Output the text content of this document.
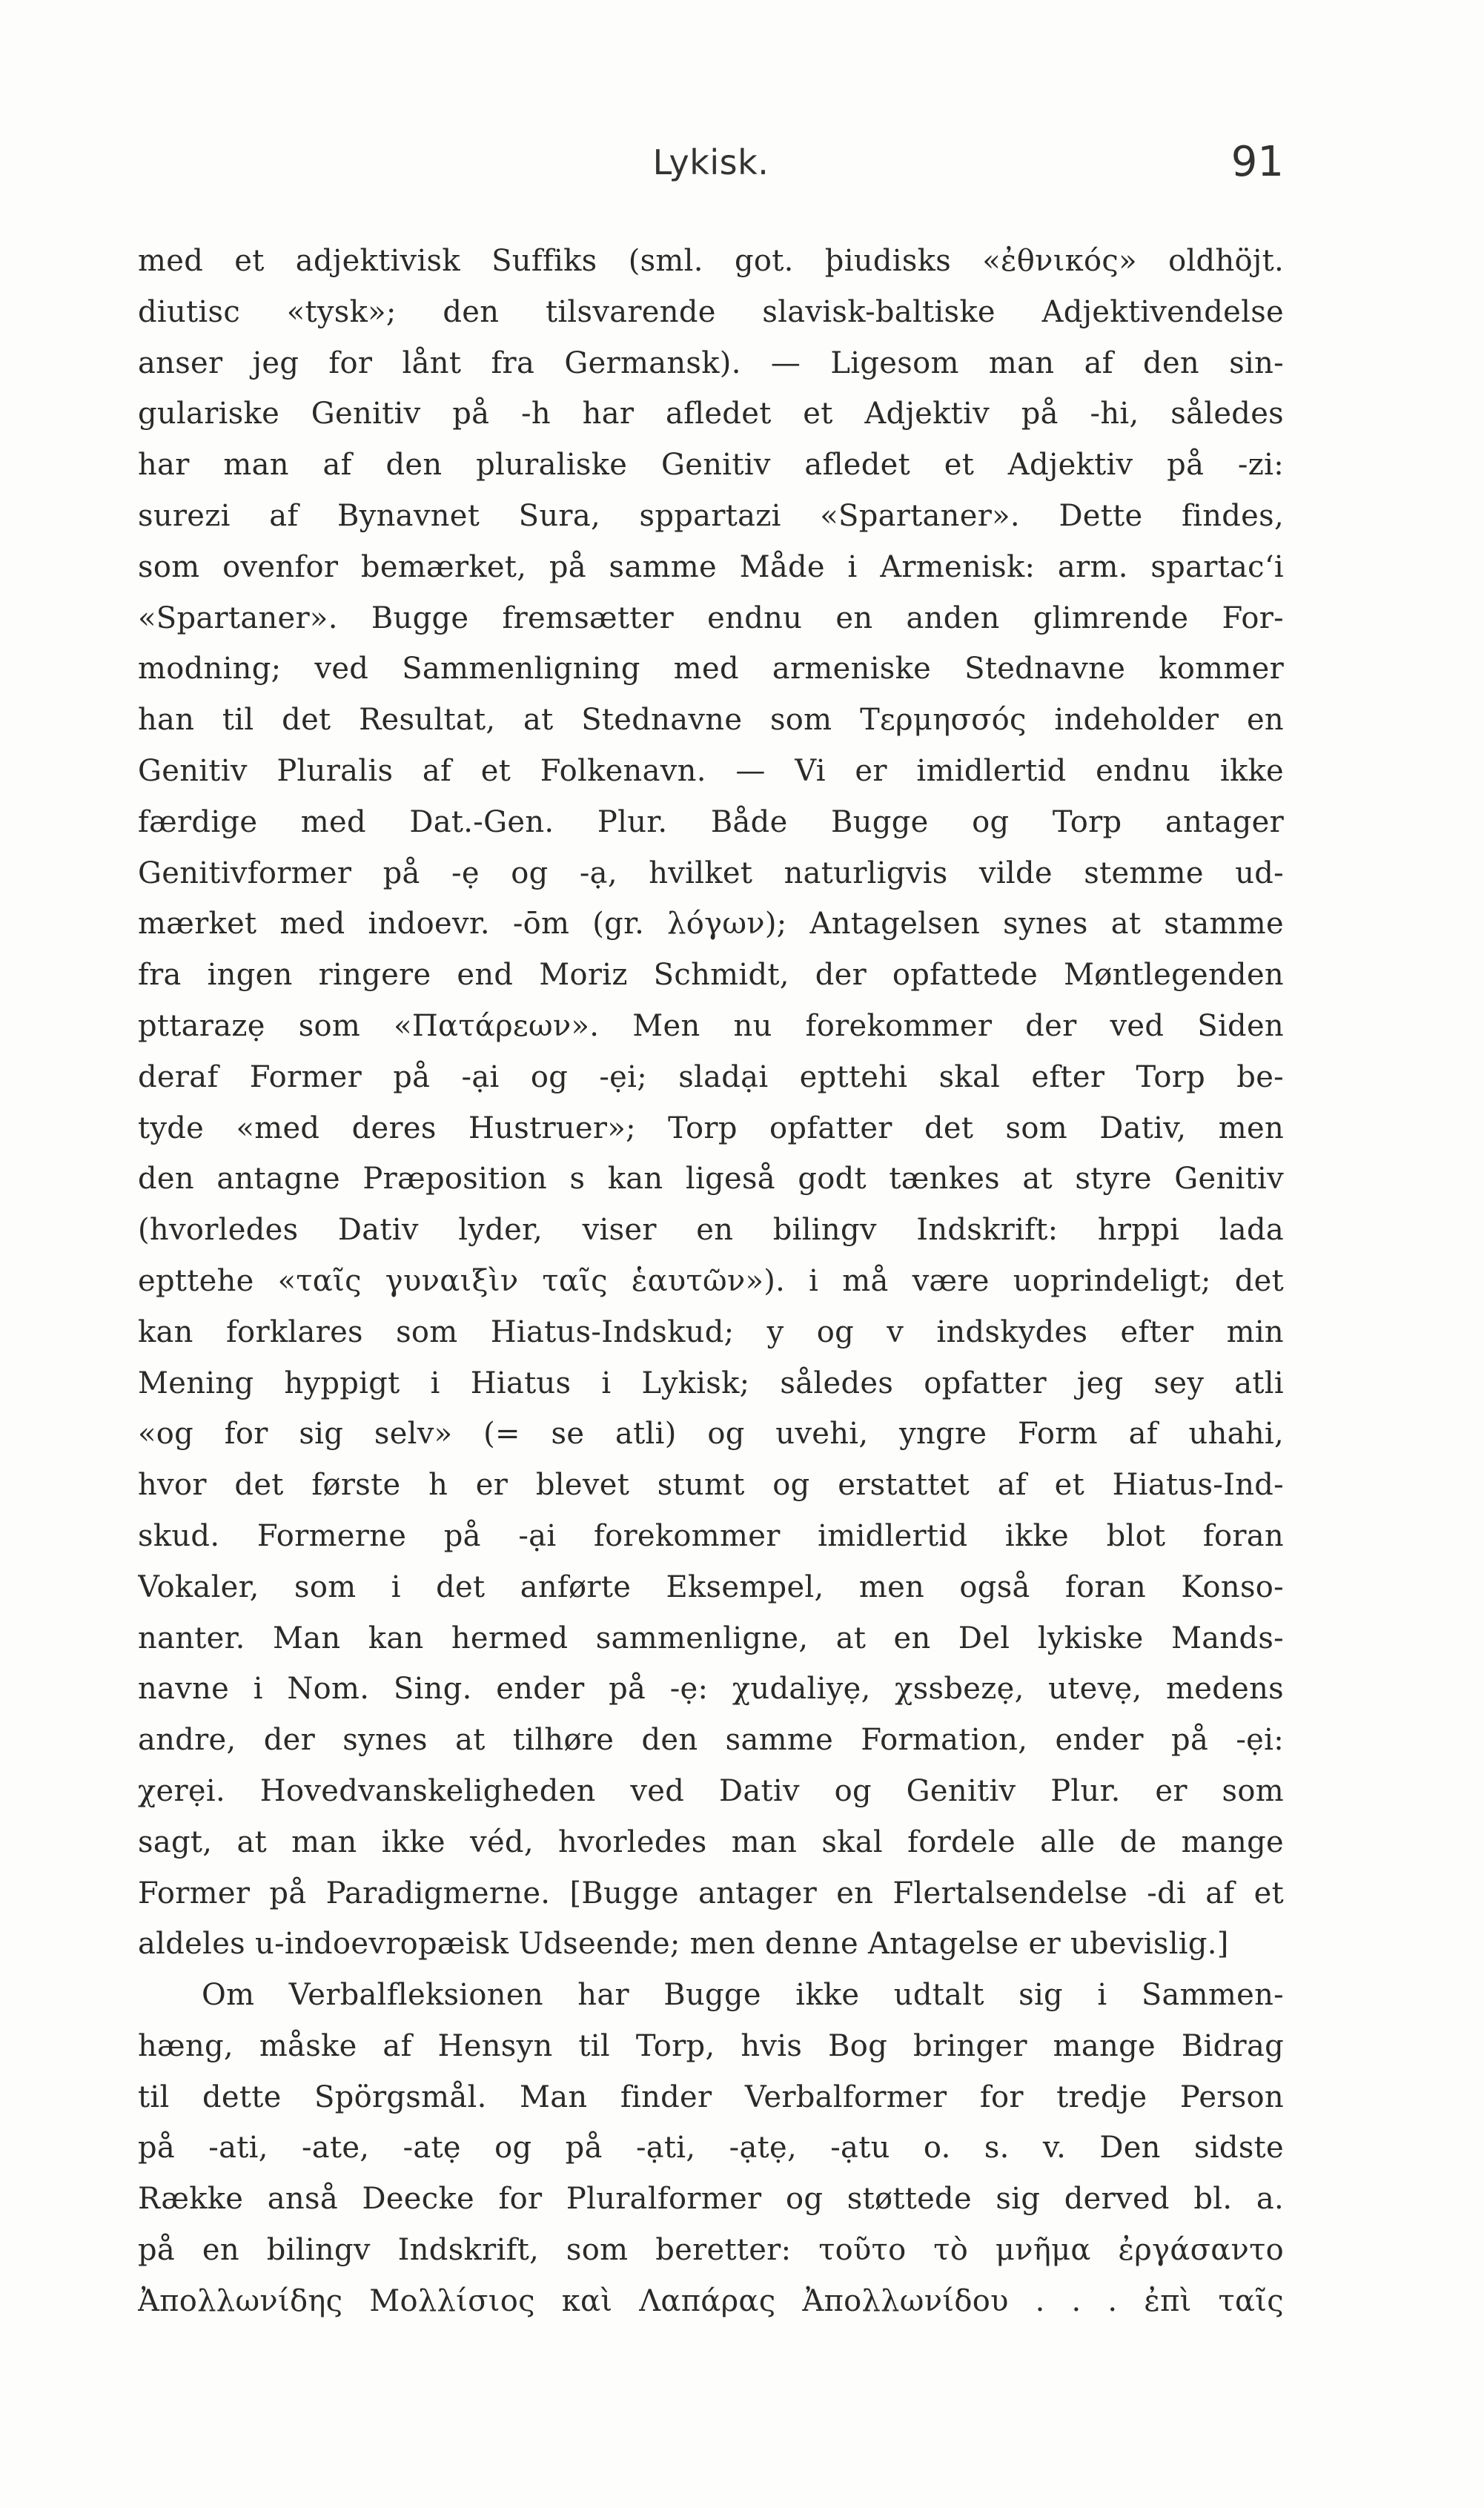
Lykisk.	91
med et adjektivisk Suffiks (sml. got. þiudisks «ἐθνικός» oldhöjt.
diutisc «tysk»; den tilsvarende slavisk-baltiske Adjektivendelse
anser jeg for lånt fra Germansk). — Ligesom man af den sin-
gulariske Genitiv på -h har afledet et Adjektiv på -hi, således
har man af den pluraliske Genitiv afledet et Adjektiv på -zi:
surezi af Bynavnet Sura, sppartazi «Spartaner». Dette findes,
som ovenfor bemærket, på samme Måde i Armenisk: arm. spartacʻi
«Spartaner». Bugge fremsætter endnu en anden glimrende For-
modning; ved Sammenligning med armeniske Stednavne kommer
han til det Resultat, at Stednavne som Τερμησσός indeholder en
Genitiv Pluralis af et Folkenavn. — Vi er imidlertid endnu ikke
færdige med Dat.-Gen. Plur. Både Bugge og Torp antager
Genitivformer på -ẹ og -ạ, hvilket naturligvis vilde stemme ud-
mærket med indoevr. -ōm (gr. λόγων); Antagelsen synes at stamme
fra ingen ringere end Moriz Schmidt, der opfattede Møntlegenden
pttarazẹ som «Πατάρεων». Men nu forekommer der ved Siden
deraf Former på -ại og -ẹi; sladại epttehi skal efter Torp be-
tyde «med deres Hustruer»; Torp opfatter det som Dativ, men
den antagne Præposition s kan ligeså godt tænkes at styre Genitiv
(hvorledes Dativ lyder, viser en bilingv Indskrift: hrppi lada
epttehe «ταῖς γυναιξὶν ταῖς ἑαυτῶν»). i må være uoprindeligt; det
kan forklares som Hiatus-Indskud; y og v indskydes efter min
Mening hyppigt i Hiatus i Lykisk; således opfatter jeg sey atli
«og for sig selv» (= se atli) og uvehi, yngre Form af uhahi,
hvor det første h er blevet stumt og erstattet af et Hiatus-Ind-
skud. Formerne på -ại forekommer imidlertid ikke blot foran
Vokaler, som i det anførte Eksempel, men også foran Konso-
nanter. Man kan hermed sammenligne, at en Del lykiske Mands-
navne i Nom. Sing. ender på -ẹ: χudaliyẹ, χssbezẹ, utevẹ, medens
andre, der synes at tilhøre den samme Formation, ender på -ẹi:
χerẹi. Hovedvanskeligheden ved Dativ og Genitiv Plur. er som
sagt, at man ikke véd, hvorledes man skal fordele alle de mange
Former på Paradigmerne. [Bugge antager en Flertalsendelse -di af et
aldeles u-indoevropæisk Udseende; men denne Antagelse er ubevislig.]
Om Verbalfleksionen har Bugge ikke udtalt sig i Sammen-
hæng, måske af Hensyn til Torp, hvis Bog bringer mange Bidrag
til dette Spörgsmål. Man finder Verbalformer for tredje Person
på -ati, -ate, -atẹ og på -ạti, -ạtẹ, -ạtu o. s. v. Den sidste
Række anså Deecke for Pluralformer og støttede sig derved bl. a.
på en bilingv Indskrift, som beretter: τοῦτο τὸ μνῆμα ἐργάσαντο
Ἀπολλωνίδης Μολλίσιος καὶ Λαπάρας Ἀπολλωνίδου . . . ἐπὶ ταῖς
